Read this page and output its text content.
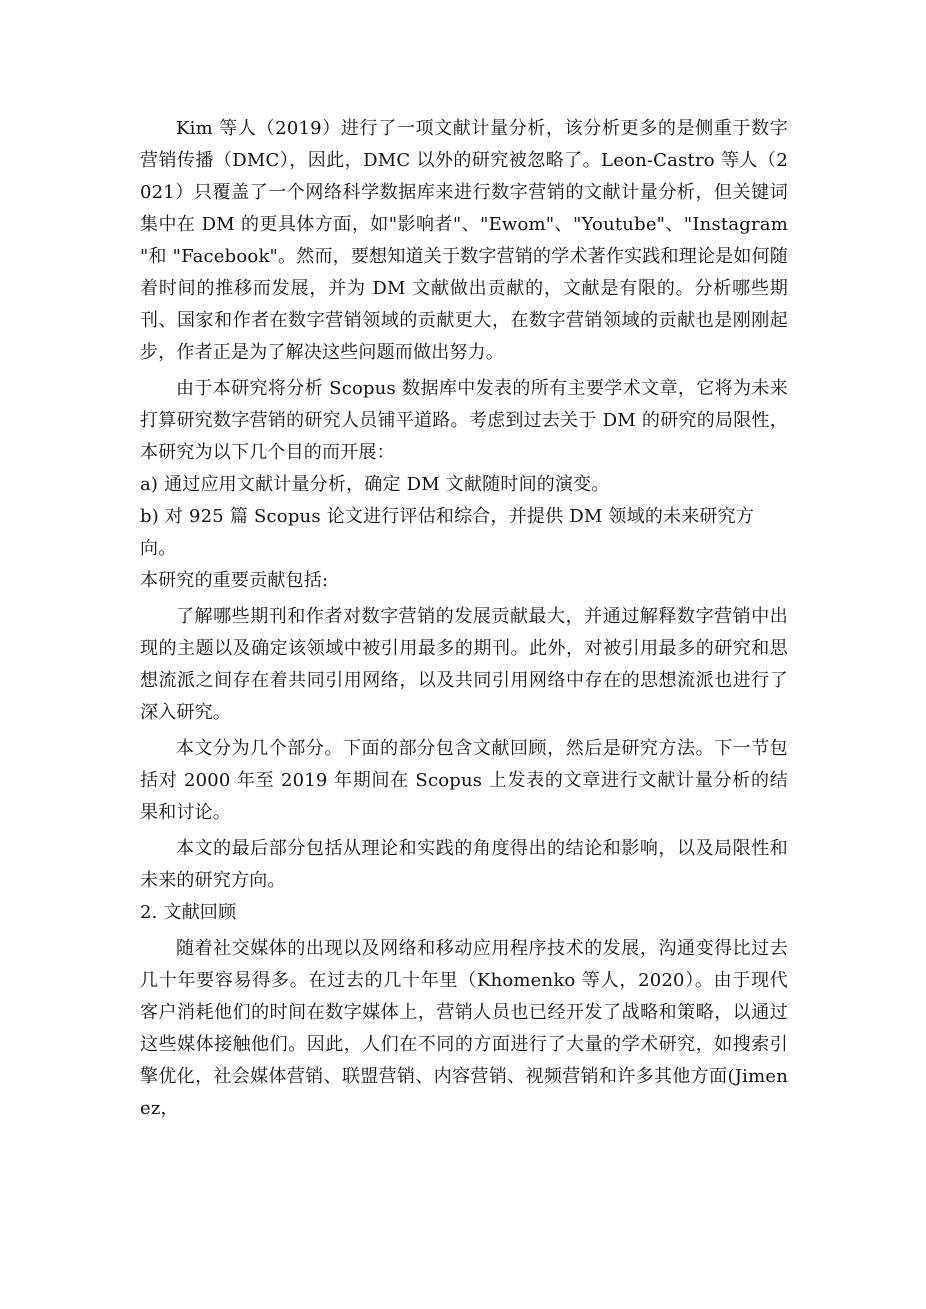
Kim 等人（2019）进行了一项文献计量分析，该分析更多的是侧重于数字营销传播（DMC），因此，DMC 以外的研究被忽略了。Leon-Castro 等人（2021）只覆盖了一个网络科学数据库来进行数字营销的文献计量分析，但关键词集中在 DM 的更具体方面，如"影响者"、"Ewom"、"Youtube"、"Instagram "和 "Facebook"。然而，要想知道关于数字营销的学术著作实践和理论是如何随着时间的推移而发展，并为 DM 文献做出贡献的，文献是有限的。分析哪些期刊、国家和作者在数字营销领域的贡献更大，在数字营销领域的贡献也是刚刚起步，作者正是为了解决这些问题而做出努力。

由于本研究将分析 Scopus 数据库中发表的所有主要学术文章，它将为未来打算研究数字营销的研究人员铺平道路。考虑到过去关于 DM 的研究的局限性，本研究为以下几个目的而开展：

a) 通过应用文献计量分析，确定 DM 文献随时间的演变。

b) 对 925 篇 Scopus 论文进行评估和综合，并提供 DM 领域的未来研究方向。

本研究的重要贡献包括:

了解哪些期刊和作者对数字营销的发展贡献最大，并通过解释数字营销中出现的主题以及确定该领域中被引用最多的期刊。此外，对被引用最多的研究和思想流派之间存在着共同引用网络，以及共同引用网络中存在的思想流派也进行了深入研究。

本文分为几个部分。下面的部分包含文献回顾，然后是研究方法。下一节包括对 2000 年至 2019 年期间在 Scopus 上发表的文章进行文献计量分析的结果和讨论。

本文的最后部分包括从理论和实践的角度得出的结论和影响，以及局限性和未来的研究方向。

2. 文献回顾

随着社交媒体的出现以及网络和移动应用程序技术的发展，沟通变得比过去几十年要容易得多。在过去的几十年里（Khomenko 等人，2020）。由于现代客户消耗他们的时间在数字媒体上，营销人员也已经开发了战略和策略，以通过这些媒体接触他们。因此，人们在不同的方面进行了大量的学术研究，如搜索引擎优化，社会媒体营销、联盟营销、内容营销、视频营销和许多其他方面(Jimenez，
